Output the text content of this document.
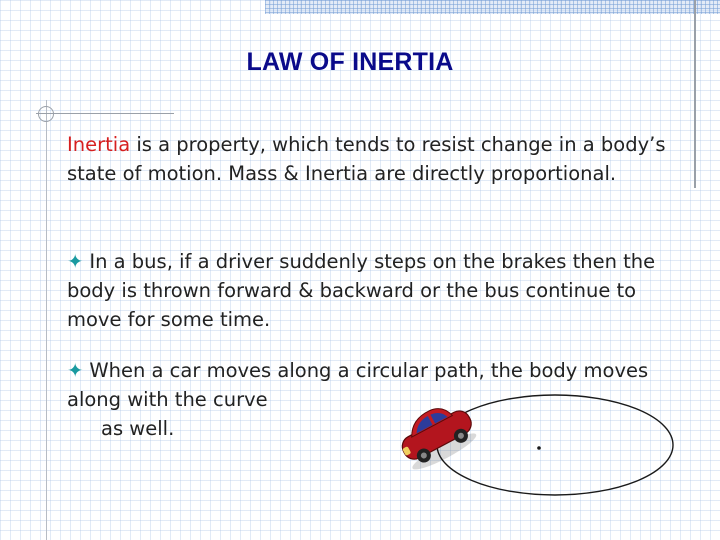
LAW OF INERTIA

Inertia is a property, which tends to resist change in a body’s state of motion. Mass & Inertia are directly proportional.

✦ In a bus, if a driver suddenly steps on the brakes then the body is thrown forward & backward or the bus continue to move for some time.

✦ When a car moves along a circular path, the body moves along with the curve
as well.
